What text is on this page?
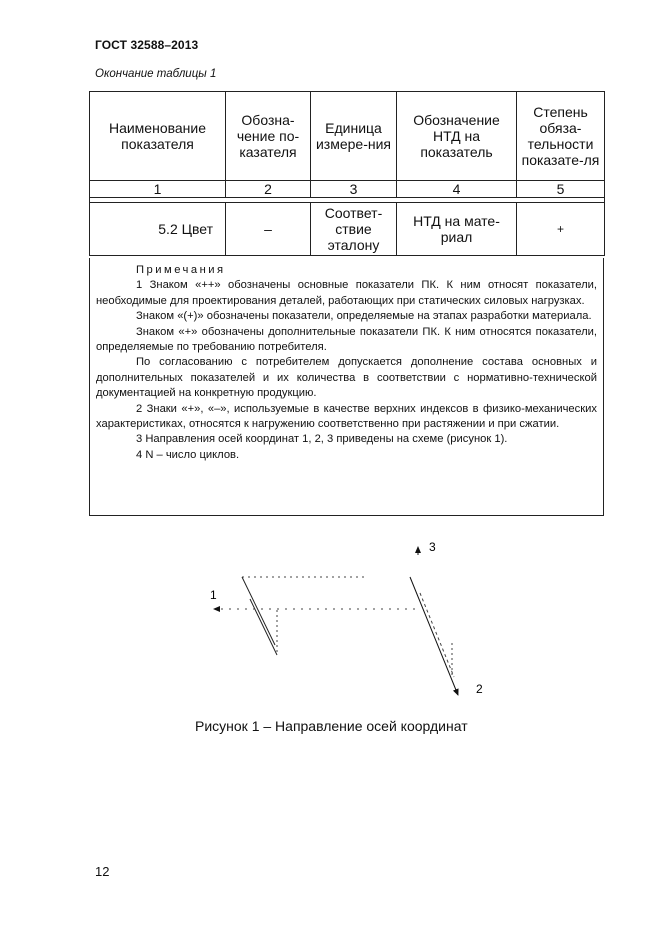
ГОСТ 32588–2013
Окончание таблицы 1
Наименование показателя	Обозна-чение по-казателя	Единица измере-ния	Обозначение НТД на показатель	Степень обяза-тельности показате-ля
1	2	3	4	5

5.2 Цвет	–	Соответ-ствие эталону	НТД на мате-риал	+

Примечания

1 Знаком «++» обозначены основные показатели ПК. К ним относят показатели, необходимые для проектирования деталей, работающих при статических силовых нагрузках.

Знаком «(+)» обозначены показатели, определяемые на этапах разработки материала.

Знаком «+» обозначены дополнительные показатели ПК. К ним относятся показатели, определяемые по требованию потребителя.

По согласованию с потребителем допускается дополнение состава основных и дополнительных показателей и их количества в соответствии с нормативно-технической документацией на конкретную продукцию.

2 Знаки «+», «–», используемые в качестве верхних индексов в физико-механических характеристиках, относятся к нагружению соответственно при растяжении и при сжатии.

3 Направления осей координат 1, 2, 3 приведены на схеме (рисунок 1).

4 N – число циклов.

1
2
3
Рисунок 1 – Направление осей координат
12
